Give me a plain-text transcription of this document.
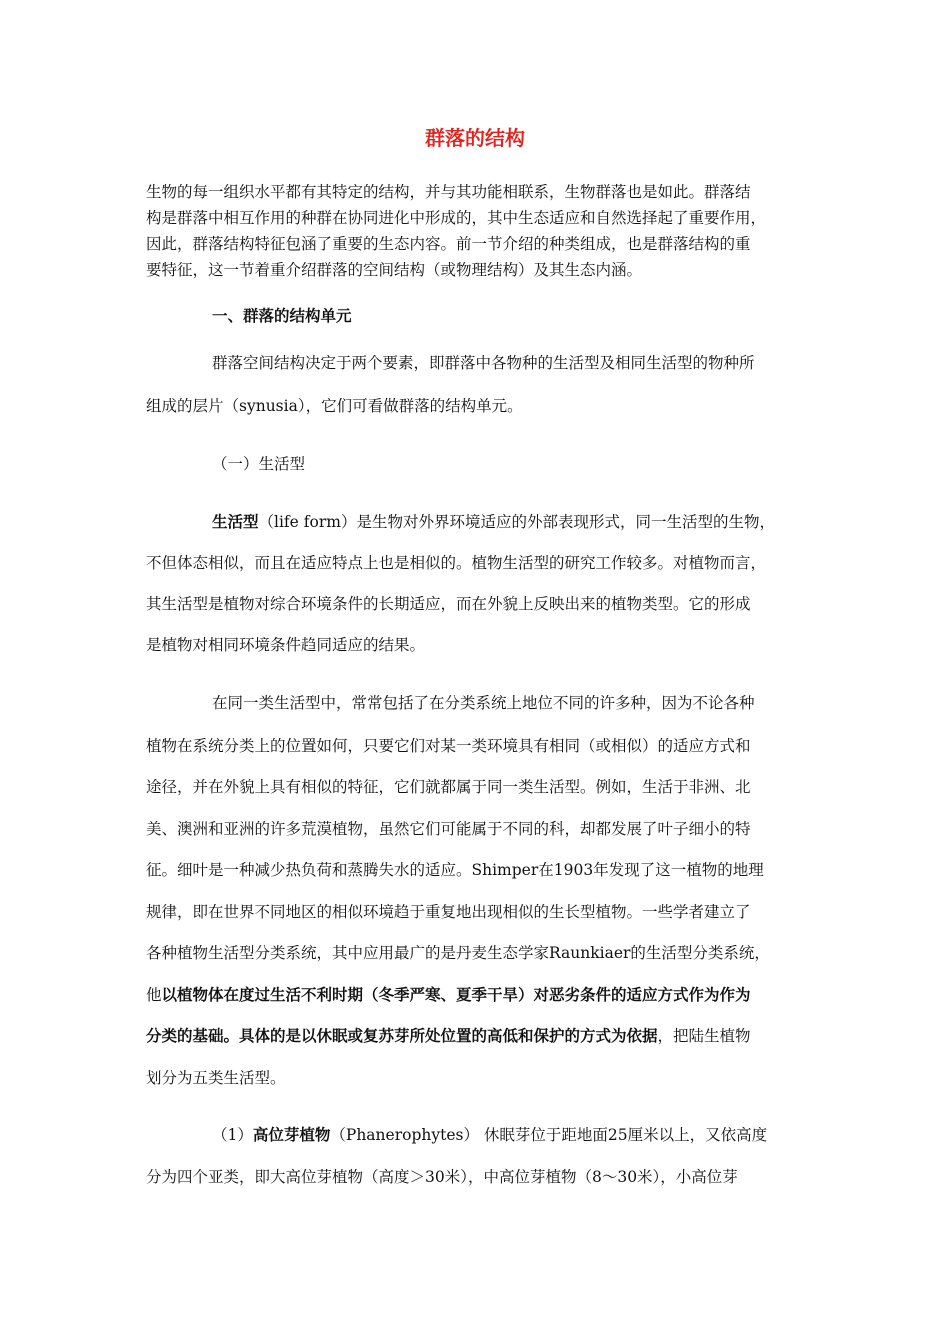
群落的结构
生物的每一组织水平都有其特定的结构，并与其功能相联系，生物群落也是如此。群落结
构是群落中相互作用的种群在协同进化中形成的，其中生态适应和自然选择起了重要作用，
因此，群落结构特征包涵了重要的生态内容。前一节介绍的种类组成，也是群落结构的重
要特征，这一节着重介绍群落的空间结构（或物理结构）及其生态内涵。
一、群落的结构单元
群落空间结构决定于两个要素，即群落中各物种的生活型及相同生活型的物种所
组成的层片（synusia），它们可看做群落的结构单元。
（一）生活型
生活型（life form）是生物对外界环境适应的外部表现形式，同一生活型的生物，
不但体态相似，而且在适应特点上也是相似的。植物生活型的研究工作较多。对植物而言，
其生活型是植物对综合环境条件的长期适应，而在外貌上反映出来的植物类型。它的形成
是植物对相同环境条件趋同适应的结果。
在同一类生活型中，常常包括了在分类系统上地位不同的许多种，因为不论各种
植物在系统分类上的位置如何，只要它们对某一类环境具有相同（或相似）的适应方式和
途径，并在外貌上具有相似的特征，它们就都属于同一类生活型。例如，生活于非洲、北
美、澳洲和亚洲的许多荒漠植物，虽然它们可能属于不同的科，却都发展了叶子细小的特
征。细叶是一种减少热负荷和蒸腾失水的适应。Shimper在1903年发现了这一植物的地理
规律，即在世界不同地区的相似环境趋于重复地出现相似的生长型植物。一些学者建立了
各种植物生活型分类系统，其中应用最广的是丹麦生态学家Raunkiaer的生活型分类系统，
他以植物体在度过生活不利时期（冬季严寒、夏季干旱）对恶劣条件的适应方式作为作为
分类的基础。具体的是以休眠或复苏芽所处位置的高低和保护的方式为依据，把陆生植物
划分为五类生活型。
（1）高位芽植物（Phanerophytes） 休眠芽位于距地面25厘米以上，又依高度
分为四个亚类，即大高位芽植物（高度＞30米），中高位芽植物（8～30米），小高位芽
